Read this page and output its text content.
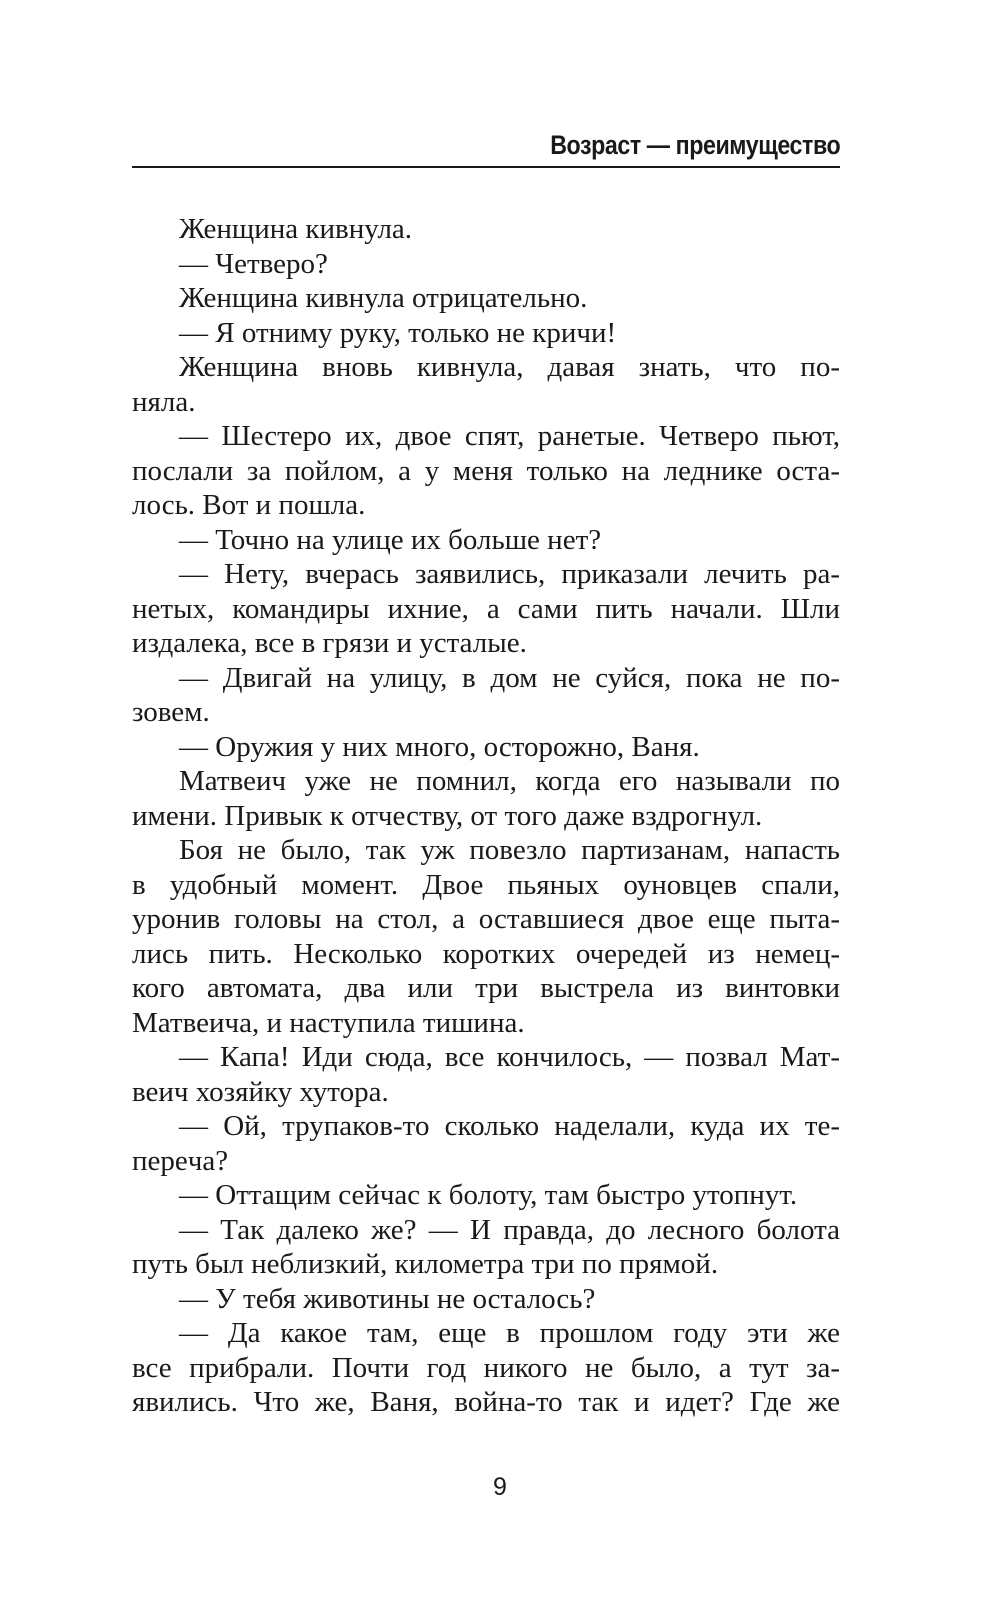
Возраст — преимущество
Женщина кивнула.
— Четверо?
Женщина кивнула отрицательно.
— Я отниму руку, только не кричи!
Женщина вновь кивнула, давая знать, что по-
няла.
— Шестеро их, двое спят, ранетые. Четверо пьют,
послали за пойлом, а у меня только на леднике оста-
лось. Вот и пошла.
— Точно на улице их больше нет?
— Нету, вчерась заявились, приказали лечить ра-
нетых, командиры ихние, а сами пить начали. Шли
издалека, все в грязи и усталые.
— Двигай на улицу, в дом не суйся, пока не по-
зовем.
— Оружия у них много, осторожно, Ваня.
Матвеич уже не помнил, когда его называли по
имени. Привык к отчеству, от того даже вздрогнул.
Боя не было, так уж повезло партизанам, напасть
в удобный момент. Двое пьяных оуновцев спали,
уронив головы на стол, а оставшиеся двое еще пыта-
лись пить. Несколько коротких очередей из немец-
кого автомата, два или три выстрела из винтовки
Матвеича, и наступила тишина.
— Капа! Иди сюда, все кончилось, — позвал Мат-
веич хозяйку хутора.
— Ой, трупаков-то сколько наделали, куда их те-
перeча?
— Оттащим сейчас к болоту, там быстро утопнут.
— Так далеко же? — И правда, до лесного болота
путь был неблизкий, километра три по прямой.
— У тебя животины не осталось?
— Да какое там, еще в прошлом году эти же
все прибрали. Почти год никого не было, а тут за-
явились. Что же, Ваня, война-то так и идет? Где же
9
